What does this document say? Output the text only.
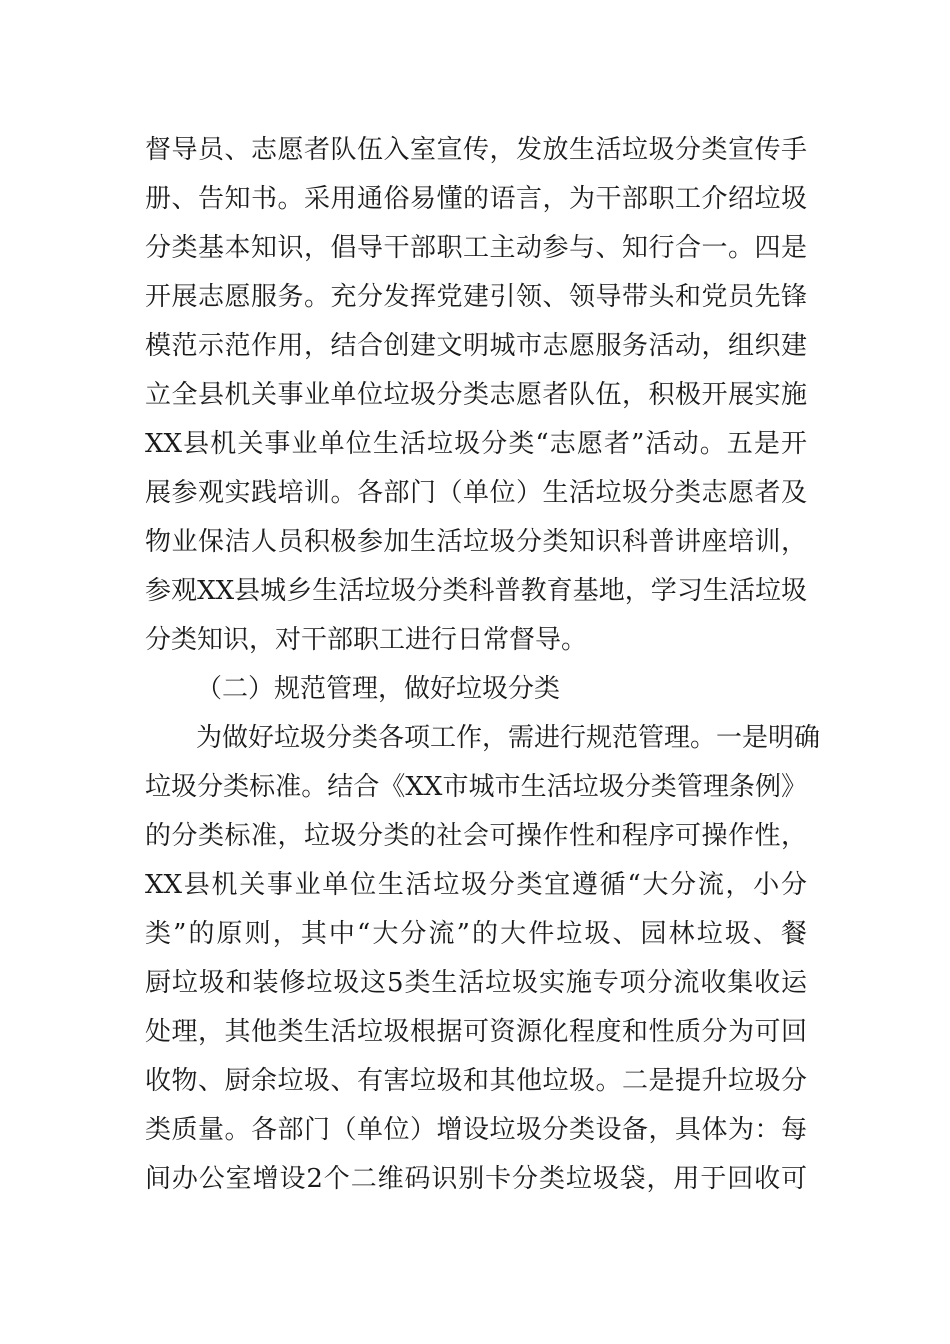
督导员、志愿者队伍入室宣传，发放生活垃圾分类宣传手
册、告知书。采用通俗易懂的语言，为干部职工介绍垃圾
分类基本知识，倡导干部职工主动参与、知行合一。四是
开展志愿服务。充分发挥党建引领、领导带头和党员先锋
模范示范作用，结合创建文明城市志愿服务活动，组织建
立全县机关事业单位垃圾分类志愿者队伍，积极开展实施
XX县机关事业单位生活垃圾分类“志愿者”活动。五是开
展参观实践培训。各部门（单位）生活垃圾分类志愿者及
物业保洁人员积极参加生活垃圾分类知识科普讲座培训，
参观XX县城乡生活垃圾分类科普教育基地，学习生活垃圾
分类知识，对干部职工进行日常督导。
（二）规范管理，做好垃圾分类
为做好垃圾分类各项工作，需进行规范管理。一是明确
垃圾分类标准。结合《XX市城市生活垃圾分类管理条例》
的分类标准，垃圾分类的社会可操作性和程序可操作性，
XX县机关事业单位生活垃圾分类宜遵循“大分流，小分
类”的原则，其中“大分流”的大件垃圾、园林垃圾、餐
厨垃圾和装修垃圾这5类生活垃圾实施专项分流收集收运
处理，其他类生活垃圾根据可资源化程度和性质分为可回
收物、厨余垃圾、有害垃圾和其他垃圾。二是提升垃圾分
类质量。各部门（单位）增设垃圾分类设备，具体为：每
间办公室增设2个二维码识别卡分类垃圾袋，用于回收可
